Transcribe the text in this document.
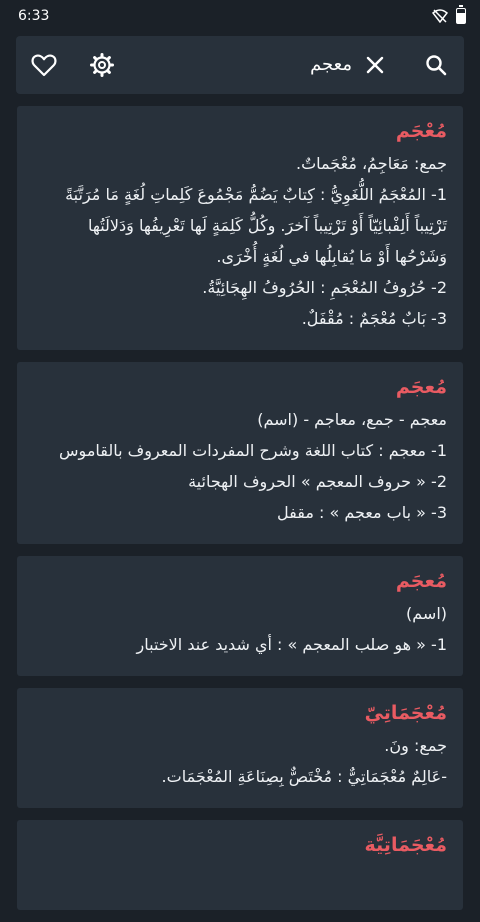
6:33
معجم
مُعْجَم
جمع: مَعَاجِمُ، مُعْجَماتٌ.
1- المُعْجَمُ اللُّغَوِيُّ : كِتابٌ يَضُمُّ مَجْمُوعَ كَلِماتِ لُغَةٍ مَا مُرَتَّبَةً تَرْتِيباً أَلِفْبائِيّاً أَوْ تَرْتِيباً آخرَ. وكُلُّ كَلِمَةٍ لَها تَعْرِيفُها وَدَلالَتُها وَشَرْحُها أَوْ مَا يُقابِلُها في لُغَةٍ أُخْرَى.
2- حُرُوفُ المُعْجَمِ : الحُرُوفُ الهِجَائِيَّةُ.
3- بَابٌ مُعْجَمٌ : مُقْفَلٌ.
مُعجَم
معجم - جمع، معاجم - (اسم)
1- معجم : كتاب اللغة وشرح المفردات المعروف بالقاموس
2- « حروف المعجم » الحروف الهجائية
3- « باب معجم » : مقفل
مُعجَم
(اسم)
1- « هو صلب المعجم » : أي شديد عند الاختبار
مُعْجَمَاتِيّ
جمع: ونَ.
-عَالِمٌ مُعْجَمَاتِيٌّ : مُخْتَصٌّ بِصِنَاعَةِ المُعْجَمَات.
مُعْجَمَاتِيَّة
